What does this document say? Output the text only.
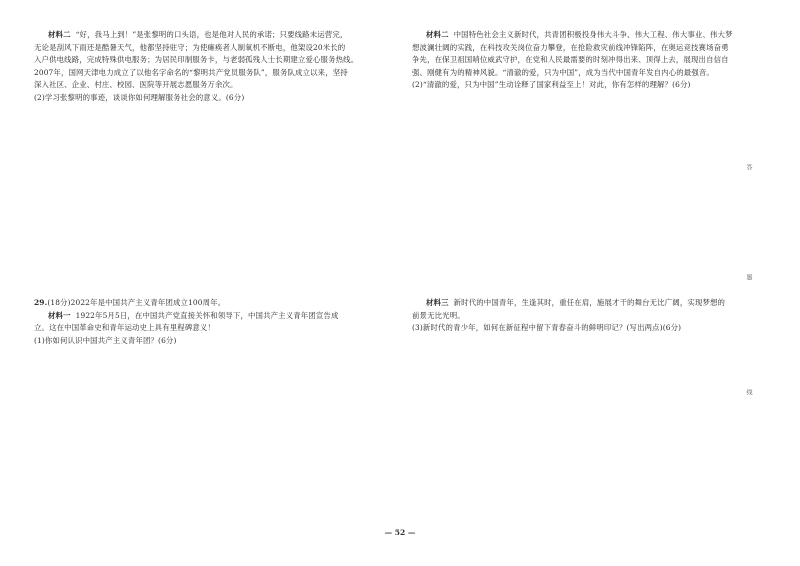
材料二 “好，我马上到！”是张黎明的口头语，也是他对人民的承诺；只要线路未运营完，

无论是刮风下雨还是酷暑天气，他都坚持驻守；为使瘫痪者人制氧机不断电，他架设20米长的

入户供电线路，完成特殊供电服务；为居民印制服务卡，与老弱孤残人士长期建立爱心服务热线。

2007年，国网天津电力成立了以他名字命名的“黎明共产党员服务队”，服务队成立以来，坚持

深入社区、企业、村庄、校园、医院等开展志愿服务万余次。

(2)学习张黎明的事迹，谈谈你如何理解服务社会的意义。(6分)

29.(18分)2022年是中国共产主义青年团成立100周年。

材料一 1922年5月5日，在中国共产党直接关怀和领导下，中国共产主义青年团宣告成

立。这在中国革命史和青年运动史上具有里程碑意义！

(1)你如何认识中国共产主义青年团？(6分)

材料二 中国特色社会主义新时代，共青团积极投身伟大斗争、伟大工程、伟大事业、伟大梦

想波澜壮阔的实践，在科技攻关岗位奋力攀登，在抢险救灾前线冲锋陷阵，在奥运竞技赛场奋勇

争先，在保卫祖国哨位威武守护，在党和人民最需要的时刻冲得出来、顶得上去，展现出自信自

强、刚健有为的精神风貌。“清澈的爱，只为中国”，成为当代中国青年发自内心的最强音。

(2)“清澈的爱，只为中国”生动诠释了国家利益至上！对此，你有怎样的理解？(6分)

材料三 新时代的中国青年，生逢其时，重任在肩，施展才干的舞台无比广阔，实现梦想的

前景无比光明。

(3)新时代的青少年，如何在新征程中留下青春奋斗的鲜明印记？(写出两点)(6分)

答
题
线
— 52 —
